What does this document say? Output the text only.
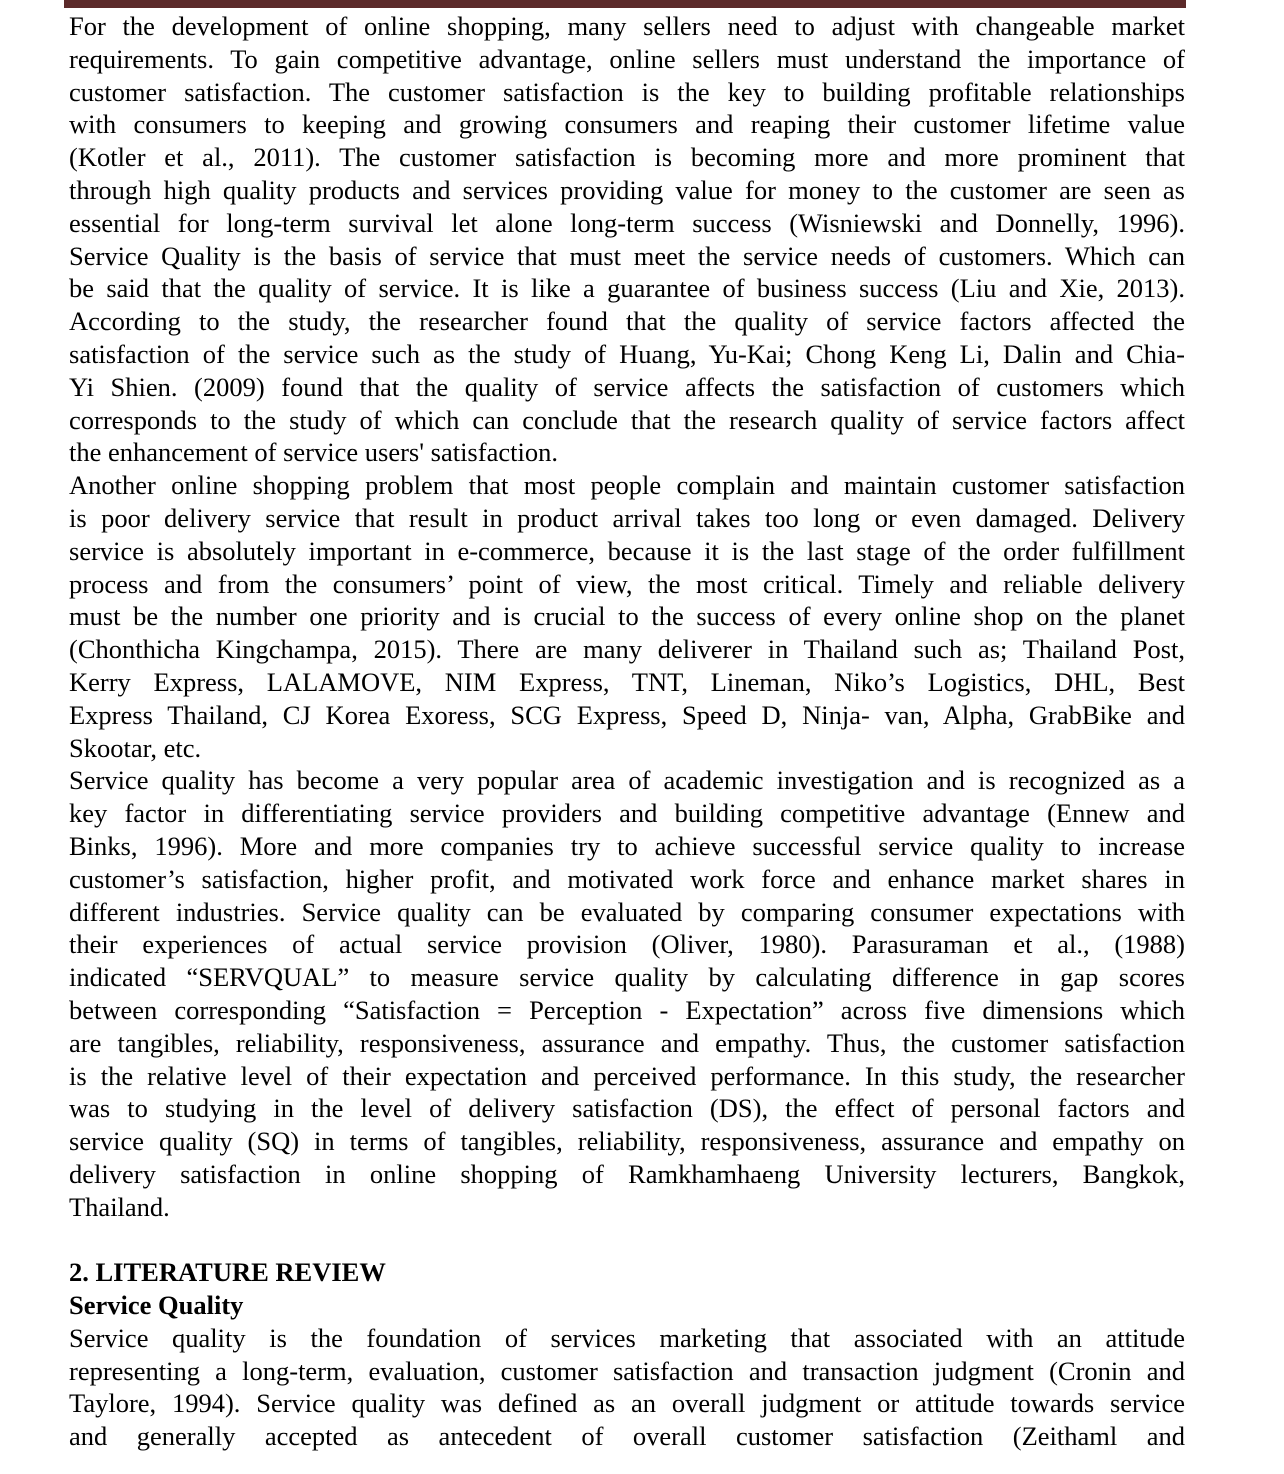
For the development of online shopping, many sellers need to adjust with changeable market
requirements. To gain competitive advantage, online sellers must understand the importance of
customer satisfaction. The customer satisfaction is the key to building profitable relationships
with consumers to keeping and growing consumers and reaping their customer lifetime value
(Kotler et al., 2011). The customer satisfaction is becoming more and more prominent that
through high quality products and services providing value for money to the customer are seen as
essential for long-term survival let alone long-term success (Wisniewski and Donnelly, 1996).
Service Quality is the basis of service that must meet the service needs of customers. Which can
be said that the quality of service. It is like a guarantee of business success (Liu and Xie, 2013).
According to the study, the researcher found that the quality of service factors affected the
satisfaction of the service such as the study of Huang, Yu-Kai; Chong Keng Li, Dalin and Chia-
Yi Shien. (2009) found that the quality of service affects the satisfaction of customers which
corresponds to the study of which can conclude that the research quality of service factors affect
the enhancement of service users' satisfaction.
Another online shopping problem that most people complain and maintain customer satisfaction
is poor delivery service that result in product arrival takes too long or even damaged. Delivery
service is absolutely important in e-commerce, because it is the last stage of the order fulfillment
process and from the consumers’ point of view, the most critical. Timely and reliable delivery
must be the number one priority and is crucial to the success of every online shop on the planet
(Chonthicha Kingchampa, 2015). There are many deliverer in Thailand such as; Thailand Post,
Kerry Express, LALAMOVE, NIM Express, TNT, Lineman, Niko’s Logistics, DHL, Best
Express Thailand, CJ Korea Exoress, SCG Express, Speed D, Ninja- van, Alpha, GrabBike and
Skootar, etc.
Service quality has become a very popular area of academic investigation and is recognized as a
key factor in differentiating service providers and building competitive advantage (Ennew and
Binks, 1996). More and more companies try to achieve successful service quality to increase
customer’s satisfaction, higher profit, and motivated work force and enhance market shares in
different industries. Service quality can be evaluated by comparing consumer expectations with
their experiences of actual service provision (Oliver, 1980). Parasuraman et al., (1988)
indicated “SERVQUAL” to measure service quality by calculating difference in gap scores
between corresponding “Satisfaction = Perception - Expectation” across five dimensions which
are tangibles, reliability, responsiveness, assurance and empathy. Thus, the customer satisfaction
is the relative level of their expectation and perceived performance. In this study, the researcher
was to studying in the level of delivery satisfaction (DS), the effect of personal factors and
service quality (SQ) in terms of tangibles, reliability, responsiveness, assurance and empathy on
delivery satisfaction in online shopping of Ramkhamhaeng University lecturers, Bangkok,
Thailand.
2. LITERATURE REVIEW
Service Quality
Service quality is the foundation of services marketing that associated with an attitude
representing a long-term, evaluation, customer satisfaction and transaction judgment (Cronin and
Taylore, 1994). Service quality was defined as an overall judgment or attitude towards service
and generally accepted as antecedent of overall customer satisfaction (Zeithaml and
